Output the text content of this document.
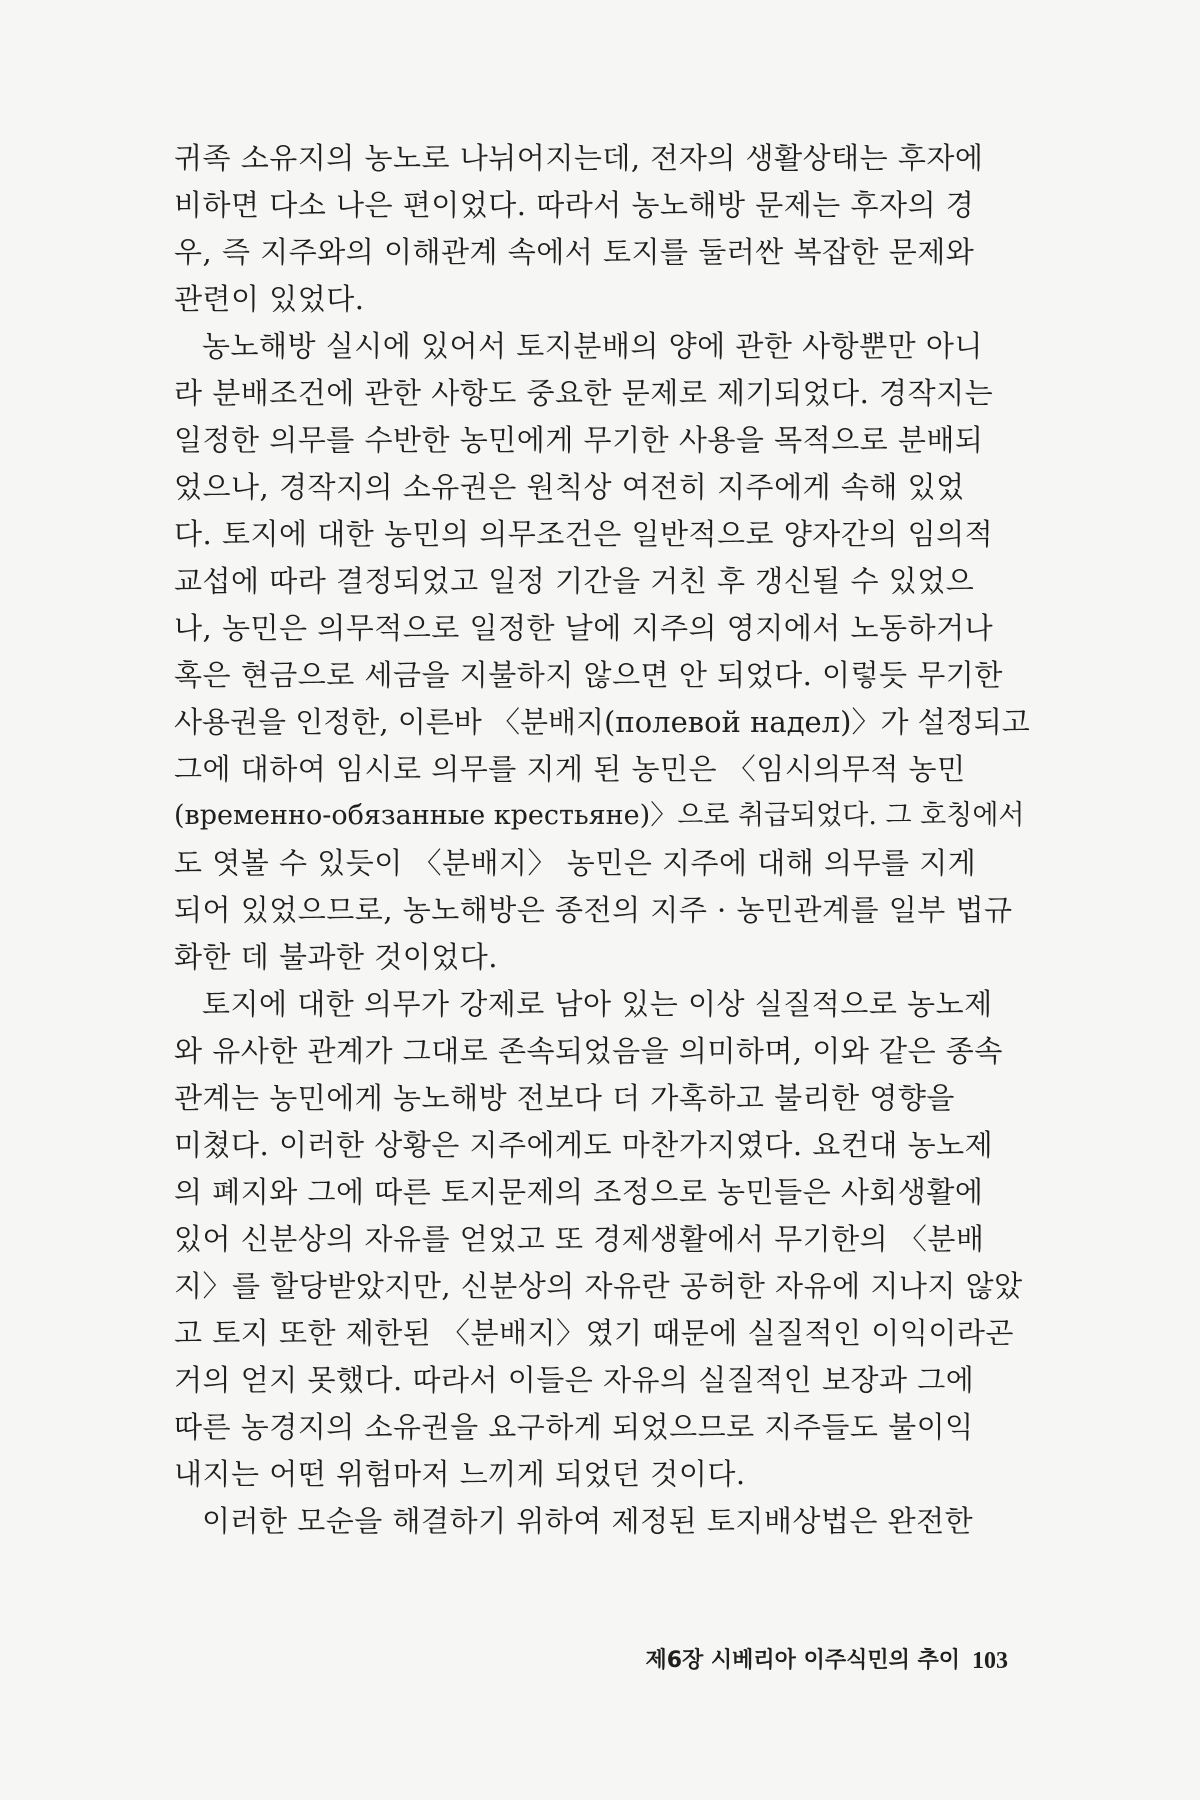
귀족 소유지의 농노로 나뉘어지는데, 전자의 생활상태는 후자에
비하면 다소 나은 편이었다. 따라서 농노해방 문제는 후자의 경
우, 즉 지주와의 이해관계 속에서 토지를 둘러싼 복잡한 문제와
관련이 있었다.
농노해방 실시에 있어서 토지분배의 양에 관한 사항뿐만 아니
라 분배조건에 관한 사항도 중요한 문제로 제기되었다. 경작지는
일정한 의무를 수반한 농민에게 무기한 사용을 목적으로 분배되
었으나, 경작지의 소유권은 원칙상 여전히 지주에게 속해 있었
다. 토지에 대한 농민의 의무조건은 일반적으로 양자간의 임의적
교섭에 따라 결정되었고 일정 기간을 거친 후 갱신될 수 있었으
나, 농민은 의무적으로 일정한 날에 지주의 영지에서 노동하거나
혹은 현금으로 세금을 지불하지 않으면 안 되었다. 이렇듯 무기한
사용권을 인정한, 이른바 〈분배지(полевой надел)〉가 설정되고
그에 대하여 임시로 의무를 지게 된 농민은 〈임시의무적 농민
(временно-обязанные крестьяне)〉으로 취급되었다. 그 호칭에서
도 엿볼 수 있듯이 〈분배지〉 농민은 지주에 대해 의무를 지게
되어 있었으므로, 농노해방은 종전의 지주 · 농민관계를 일부 법규
화한 데 불과한 것이었다.
토지에 대한 의무가 강제로 남아 있는 이상 실질적으로 농노제
와 유사한 관계가 그대로 존속되었음을 의미하며, 이와 같은 종속
관계는 농민에게 농노해방 전보다 더 가혹하고 불리한 영향을
미쳤다. 이러한 상황은 지주에게도 마찬가지였다. 요컨대 농노제
의 폐지와 그에 따른 토지문제의 조정으로 농민들은 사회생활에
있어 신분상의 자유를 얻었고 또 경제생활에서 무기한의 〈분배
지〉를 할당받았지만, 신분상의 자유란 공허한 자유에 지나지 않았
고 토지 또한 제한된 〈분배지〉였기 때문에 실질적인 이익이라곤
거의 얻지 못했다. 따라서 이들은 자유의 실질적인 보장과 그에
따른 농경지의 소유권을 요구하게 되었으므로 지주들도 불이익
내지는 어떤 위험마저 느끼게 되었던 것이다.
이러한 모순을 해결하기 위하여 제정된 토지배상법은 완전한
제6장 시베리아 이주식민의 추이 103
